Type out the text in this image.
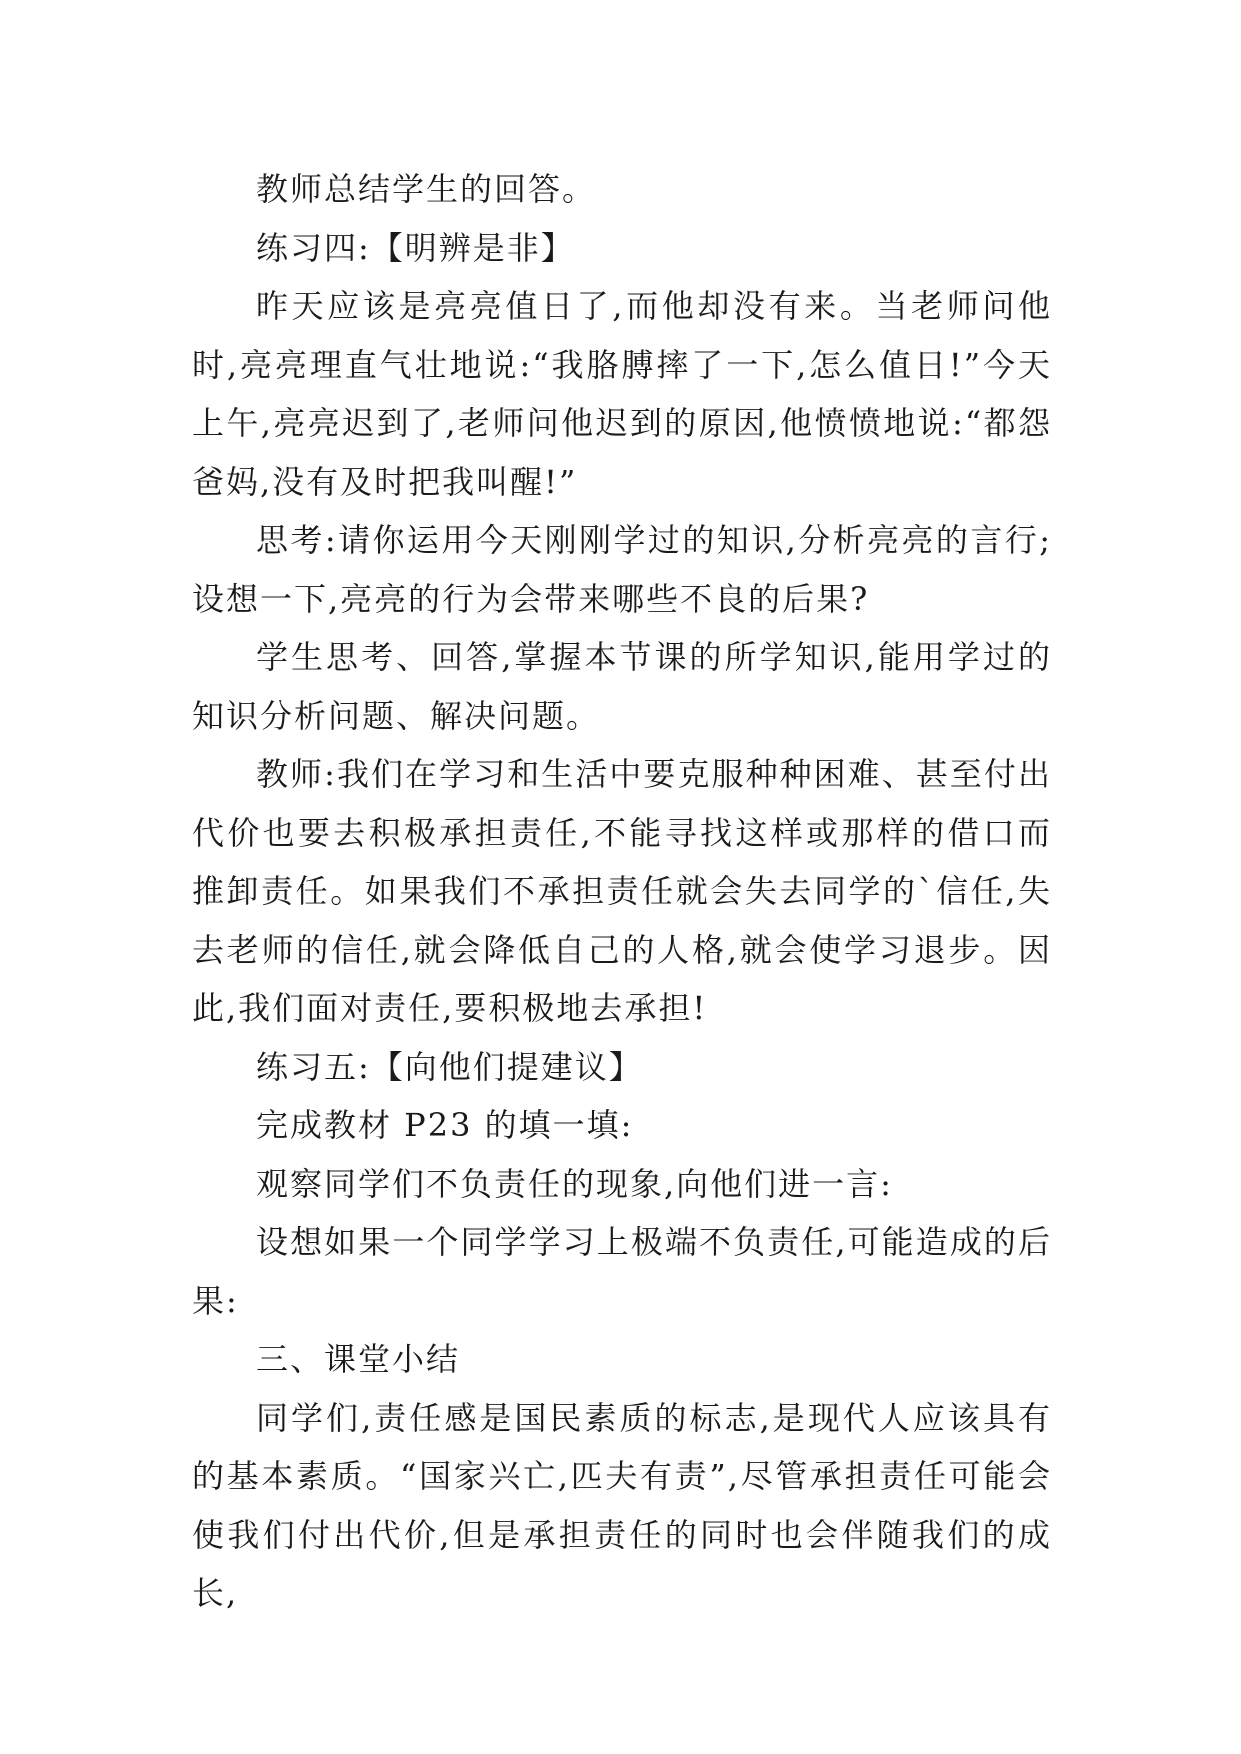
教师总结学生的回答。

练习四:【明辨是非】

昨天应该是亮亮值日了,而他却没有来。当老师问他时,亮亮理直气壮地说:“我胳膊摔了一下,怎么值日!”今天上午,亮亮迟到了,老师问他迟到的原因,他愤愤地说:“都怨爸妈,没有及时把我叫醒!”

思考:请你运用今天刚刚学过的知识,分析亮亮的言行;设想一下,亮亮的行为会带来哪些不良的后果?

学生思考、回答,掌握本节课的所学知识,能用学过的知识分析问题、解决问题。

教师:我们在学习和生活中要克服种种困难、甚至付出代价也要去积极承担责任,不能寻找这样或那样的借口而推卸责任。如果我们不承担责任就会失去同学的`信任,失去老师的信任,就会降低自己的人格,就会使学习退步。因此,我们面对责任,要积极地去承担!

练习五:【向他们提建议】

完成教材 P23 的填一填:

观察同学们不负责任的现象,向他们进一言:

设想如果一个同学学习上极端不负责任,可能造成的后果:

三、课堂小结

同学们,责任感是国民素质的标志,是现代人应该具有的基本素质。“国家兴亡,匹夫有责”,尽管承担责任可能会使我们付出代价,但是承担责任的同时也会伴随我们的成长,
